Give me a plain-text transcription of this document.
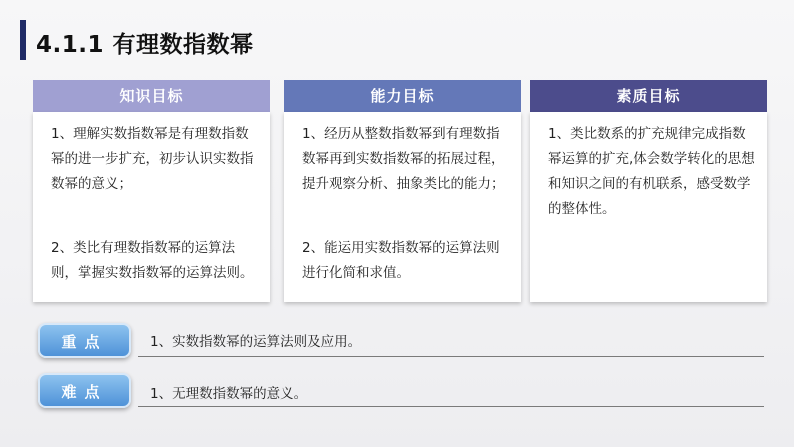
4.1.1 有理数指数幂
知识目标

1、理解实数指数幂是有理数指数幂的进一步扩充，初步认识实数指数幂的意义；

2、类比有理数指数幂的运算法则，掌握实数指数幂的运算法则。

能力目标

1、经历从整数指数幂到有理数指数幂再到实数指数幂的拓展过程，提升观察分析、抽象类比的能力；

2、能运用实数指数幂的运算法则进行化简和求值。

素质目标

1、类比数系的扩充规律完成指数幂运算的扩充,体会数学转化的思想和知识之间的有机联系，感受数学的整体性。

重点	1、实数指数幂的运算法则及应用。
难点	1、无理数指数幂的意义。
